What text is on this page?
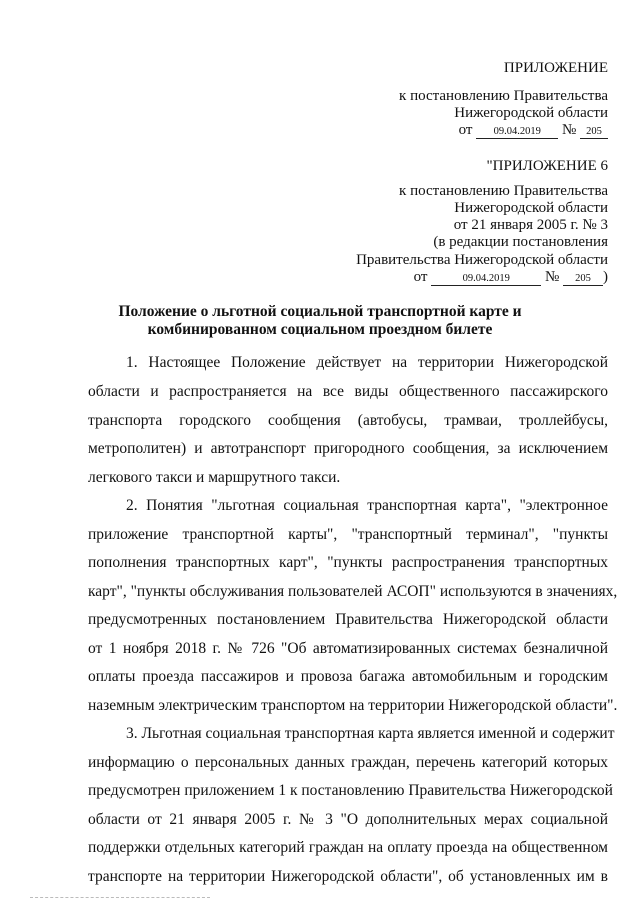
ПРИЛОЖЕНИЕ
к постановлению Правительства
Нижегородской области
от 09.04.2019 № 205
"ПРИЛОЖЕНИЕ 6
к постановлению Правительства
Нижегородской области
от 21 января 2005 г. № 3
(в редакции постановления
Правительства Нижегородской области
от	09.04.2019 № 205 )
Положение о льготной социальной транспортной карте и
комбинированном социальном проездном билете
1. Настоящее Положение действует на территории Нижегородской
области и распространяется на все виды общественного пассажирского
транспорта городского сообщения (автобусы, трамваи, троллейбусы,
метрополитен) и автотранспорт пригородного сообщения, за исключением
легкового такси и маршрутного такси.
2. Понятия "льготная социальная транспортная карта", "электронное
приложение транспортной карты", "транспортный терминал", "пункты
пополнения транспортных карт", "пункты распространения транспортных
карт", "пункты обслуживания пользователей АСОП" используются в значениях,
предусмотренных постановлением Правительства Нижегородской области
от 1 ноября 2018 г. № 726 "Об автоматизированных системах безналичной
оплаты проезда пассажиров и провоза багажа автомобильным и городским
наземным электрическим транспортом на территории Нижегородской области".
3. Льготная социальная транспортная карта является именной и содержит
информацию о персональных данных граждан, перечень категорий которых
предусмотрен приложением 1 к постановлению Правительства Нижегородской
области от 21 января 2005 г. № 3 "О дополнительных мерах социальной
поддержки отдельных категорий граждан на оплату проезда на общественном
транспорте на территории Нижегородской области", об установленных им в
